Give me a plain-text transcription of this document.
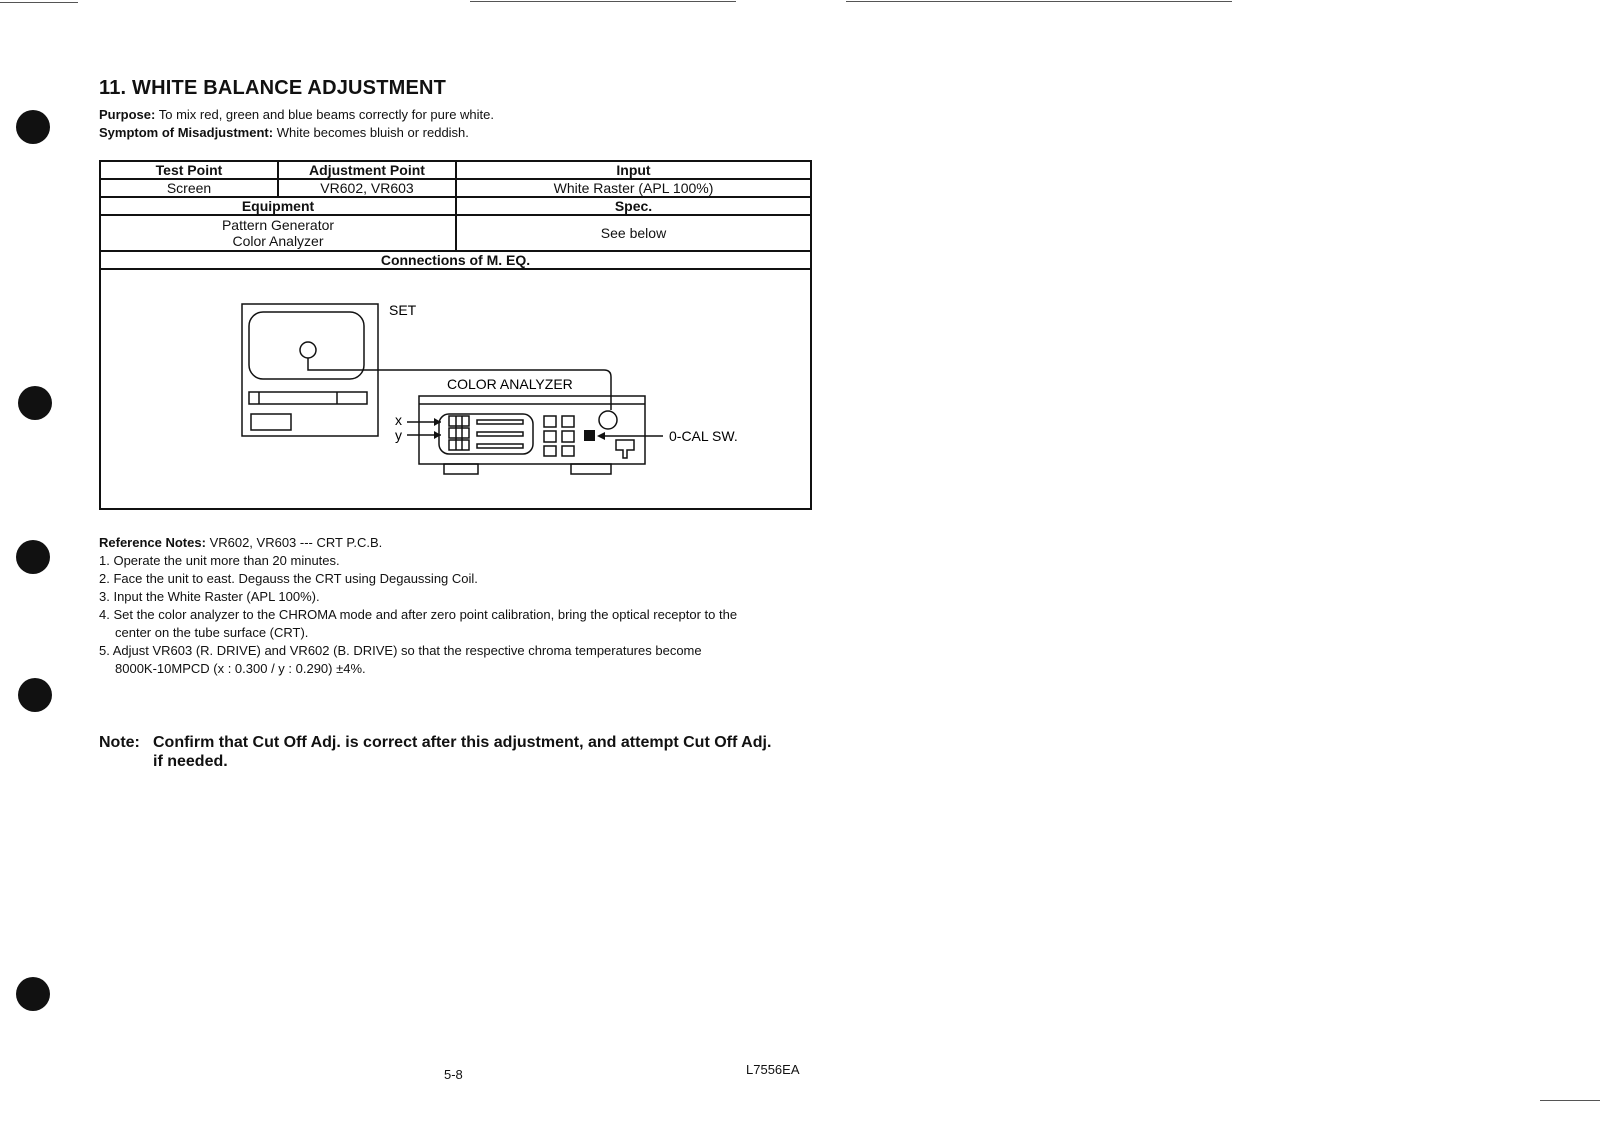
11. WHITE BALANCE ADJUSTMENT
Purpose: To mix red, green and blue beams correctly for pure white.
Symptom of Misadjustment: White becomes bluish or reddish.
Test Point	Adjustment Point	Input
Screen	VR602, VR603	White Raster (APL 100%)
Equipment		Spec.

Pattern Generator
Color Analyzer		See below
Connections of M. EQ.		

SET
COLOR ANALYZER
x
y 0-CAL SW.		
Reference Notes: VR602, VR603 --- CRT P.C.B.
1. Operate the unit more than 20 minutes.
2. Face the unit to east. Degauss the CRT using Degaussing Coil.
3. Input the White Raster (APL 100%).
4. Set the color analyzer to the CHROMA mode and after zero point calibration, bring the optical receptor to the
center on the tube surface (CRT).
5. Adjust VR603 (R. DRIVE) and VR602 (B. DRIVE) so that the respective chroma temperatures become
8000K-10MPCD (x : 0.300 / y : 0.290) ±4%.
Note: Confirm that Cut Off Adj. is correct after this adjustment, and attempt Cut Off Adj.
if needed.
5-8	L7556EA
